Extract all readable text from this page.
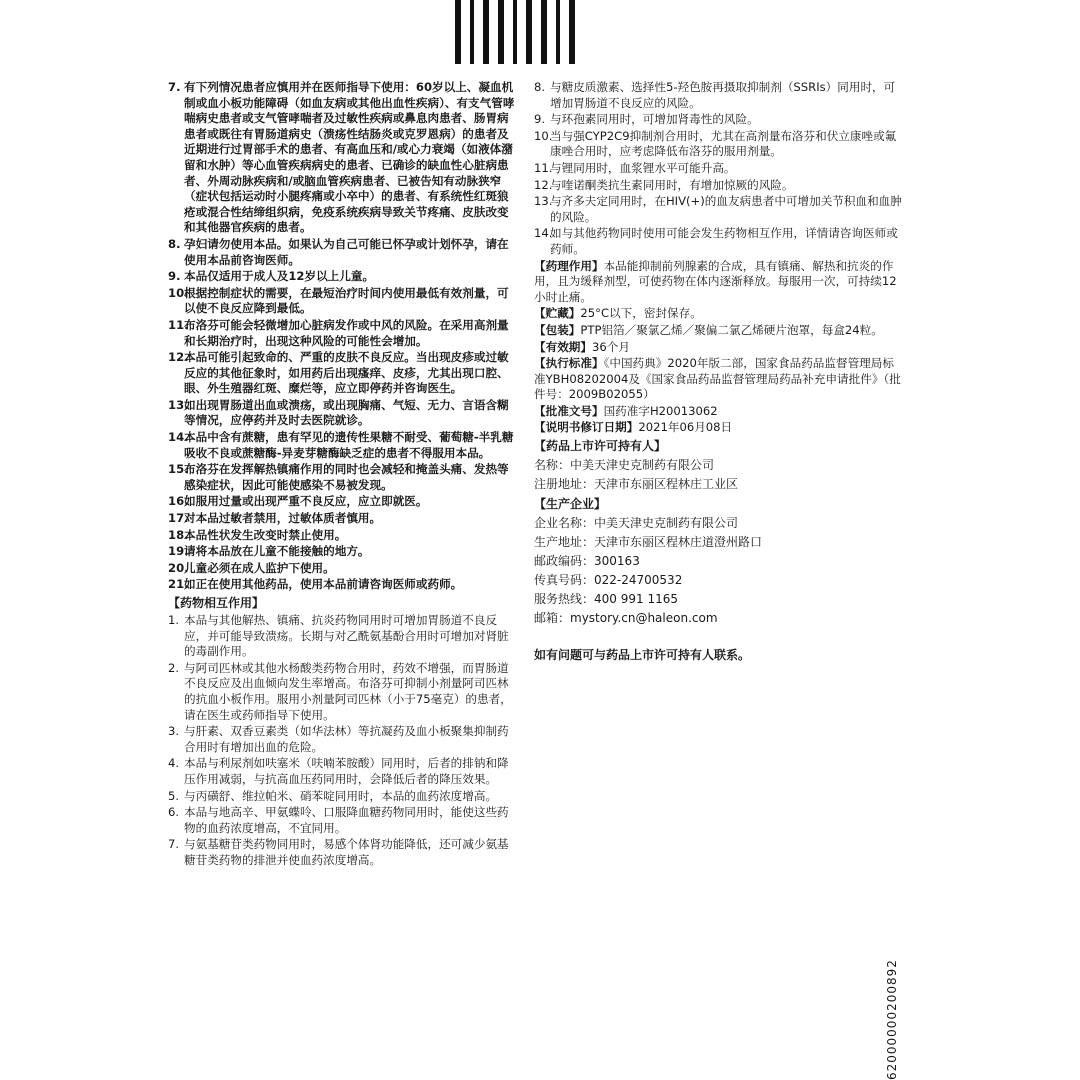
7. 有下列情况患者应慎用并在医师指导下使用：60岁以上、凝血机制或血小板功能障碍（如血友病或其他出血性疾病）、有支气管哮喘病史患者或支气管哮喘者及过敏性疾病或鼻息肉患者、肠胃病患者或既往有胃肠道病史（溃疡性结肠炎或克罗恩病）的患者及近期进行过胃部手术的患者、有高血压和/或心力衰竭（如液体潴留和水肿）等心血管疾病病史的患者、已确诊的缺血性心脏病患者、外周动脉疾病和/或脑血管疾病患者、已被告知有动脉狭窄（症状包括运动时小腿疼痛或小卒中）的患者、有系统性红斑狼疮或混合性结缔组织病，免疫系统疾病导致关节疼痛、皮肤改变和其他器官疾病的患者。
8. 孕妇请勿使用本品。如果认为自己可能已怀孕或计划怀孕，请在使用本品前咨询医师。
9. 本品仅适用于成人及12岁以上儿童。
10.
根据控制症状的需要，在最短治疗时间内使用最低有效剂量，可以使不良反应降到最低。
11.
布洛芬可能会轻微增加心脏病发作或中风的风险。在采用高剂量和长期治疗时，出现这种风险的可能性会增加。
12.
本品可能引起致命的、严重的皮肤不良反应。当出现皮疹或过敏反应的其他征象时，如用药后出现瘙痒、皮疹，尤其出现口腔、眼、外生殖器红斑、糜烂等，应立即停药并咨询医生。
13.
如出现胃肠道出血或溃疡，或出现胸痛、气短、无力、言语含糊等情况，应停药并及时去医院就诊。
14.
本品中含有蔗糖，患有罕见的遗传性果糖不耐受、葡萄糖-半乳糖吸收不良或蔗糖酶-异麦芽糖酶缺乏症的患者不得服用本品。
15.
布洛芬在发挥解热镇痛作用的同时也会减轻和掩盖头痛、发热等感染症状，因此可能使感染不易被发现。
16.
如服用过量或出现严重不良反应，应立即就医。
17.
对本品过敏者禁用，过敏体质者慎用。
18.
本品性状发生改变时禁止使用。
19.
请将本品放在儿童不能接触的地方。
20.
儿童必须在成人监护下使用。
21.
如正在使用其他药品，使用本品前请咨询医师或药师。
【药物相互作用】
1. 本品与其他解热、镇痛、抗炎药物同用时可增加胃肠道不良反应，并可能导致溃疡。长期与对乙酰氨基酚合用时可增加对肾脏的毒副作用。
2. 与阿司匹林或其他水杨酸类药物合用时，药效不增强，而胃肠道不良反应及出血倾向发生率增高。布洛芬可抑制小剂量阿司匹林的抗血小板作用。服用小剂量阿司匹林（小于75毫克）的患者，请在医生或药师指导下使用。
3. 与肝素、双香豆素类（如华法林）等抗凝药及血小板聚集抑制药合用时有增加出血的危险。
4. 本品与利尿剂如呋塞米（呋喃苯胺酸）同用时，后者的排钠和降压作用减弱，与抗高血压药同用时，会降低后者的降压效果。
5. 与丙磺舒、维拉帕米、硝苯啶同用时，本品的血药浓度增高。
6. 本品与地高辛、甲氨蝶呤、口服降血糖药物同用时，能使这些药物的血药浓度增高，不宜同用。
7. 与氨基糖苷类药物同用时，易感个体肾功能降低，还可减少氨基糖苷类药物的排泄并使血药浓度增高。
8. 与糖皮质激素、选择性5-羟色胺再摄取抑制剂（SSRIs）同用时，可增加胃肠道不良反应的风险。
9. 与环孢素同用时，可增加肾毒性的风险。
10.
当与强CYP2C9抑制剂合用时，尤其在高剂量布洛芬和伏立康唑或氟康唑合用时，应考虑降低布洛芬的服用剂量。
11.
与锂同用时，血浆锂水平可能升高。
12.
与喹诺酮类抗生素同用时，有增加惊厥的风险。
13.
与齐多夫定同用时，在HIV(+)的血友病患者中可增加关节积血和血肿的风险。
14.
如与其他药物同时使用可能会发生药物相互作用，详情请咨询医师或药师。
【药理作用】本品能抑制前列腺素的合成，具有镇痛、解热和抗炎的作用，且为缓释剂型，可使药物在体内逐渐释放。每服用一次，可持续12小时止痛。
【贮藏】25°C以下，密封保存。
【包装】PTP铝箔／聚氯乙烯／聚偏二氯乙烯硬片泡罩，每盒24粒。
【有效期】36个月
【执行标准】《中国药典》2020年版二部，国家食品药品监督管理局标准YBH08202004及《国家食品药品监督管理局药品补充申请批件》（批件号：2009B02055）
【批准文号】国药准字H20013062
【说明书修订日期】2021年06月08日
【药品上市许可持有人】
名称： 中美天津史克制药有限公司
注册地址： 天津市东丽区程林庄工业区
【生产企业】
企业名称： 中美天津史克制药有限公司
生产地址： 天津市东丽区程林庄道澄州路口
邮政编码： 300163
传真号码： 022-24700532
服务热线： 400 991 1165
邮箱： mystory.cn@haleon.com
如有问题可与药品上市许可持有人联系。
62000000200892
